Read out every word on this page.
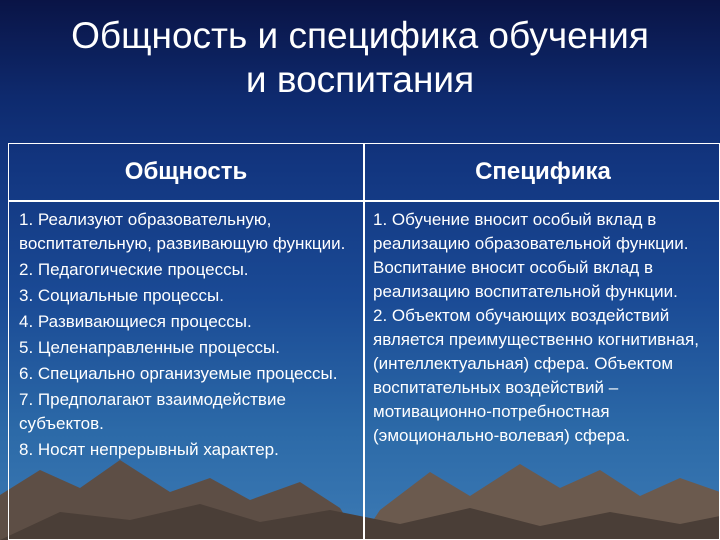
Общность и специфика обучения
и воспитания
Общность	Специфика

1. Реализуют образовательную, воспитательную, развивающую функции.

2. Педагогические процессы.

3. Социальные процессы.

4. Развивающиеся процессы.

5. Целенаправленные процессы.

6. Специально организуемые процессы.

7. Предполагают взаимодействие субъектов.

8. Носят непрерывный характер.

1. Обучение вносит особый вклад в реализацию образовательной функции. Воспитание вносит особый вклад в реализацию воспитательной функции.

2. Объектом обучающих воздействий является преимущественно когнитивная, (интеллектуальная) сфера. Объектом воспитательных воздействий – мотивационно-потребностная (эмоционально-волевая) сфера.
